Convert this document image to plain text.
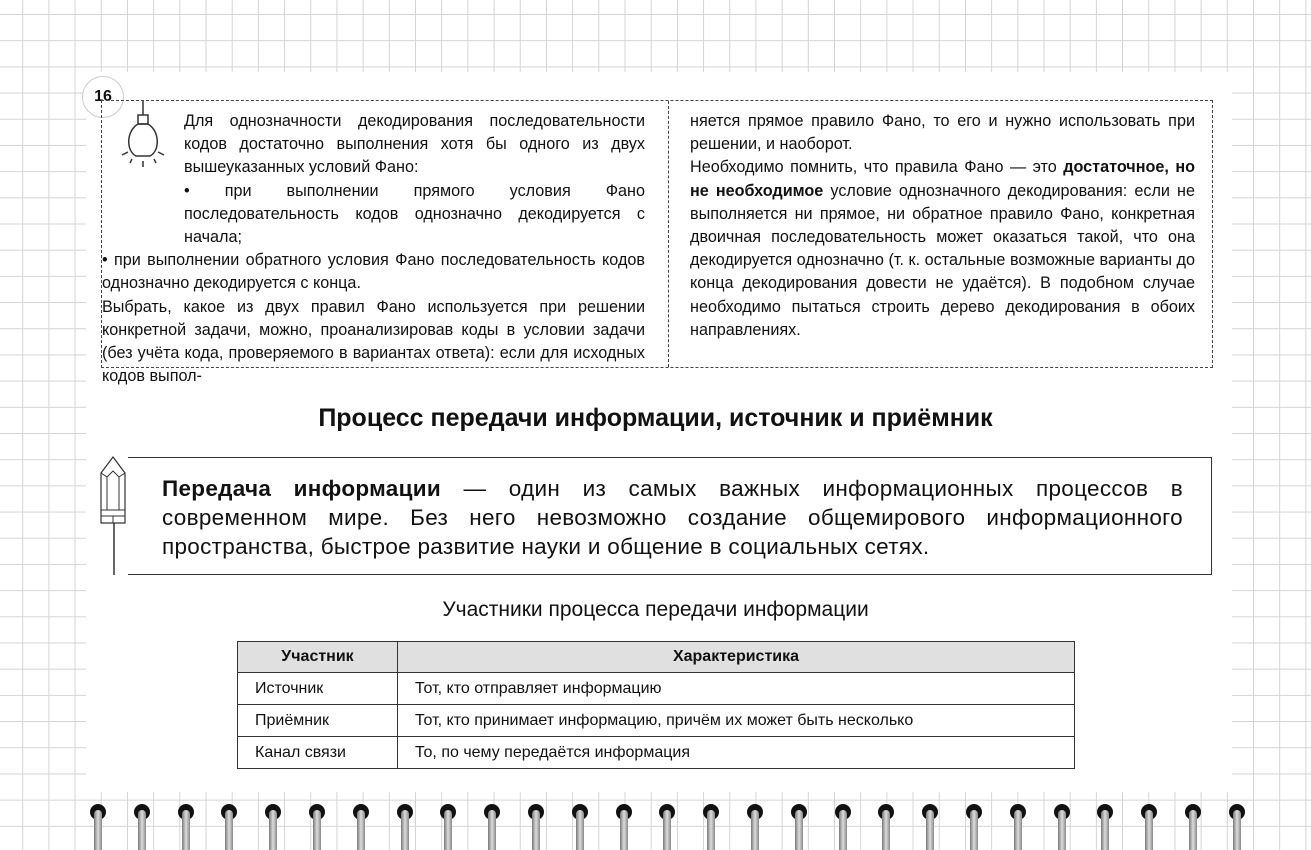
16

Для однозначности декодирования последовательности кодов достаточно выполнения хотя бы одного из двух вышеуказанных условий Фано:

• при выполнении прямого условия Фано последовательность кодов однозначно декодируется с начала;

• при выполнении обратного условия Фано последовательность кодов однозначно декодируется с конца.

Выбрать, какое из двух правил Фано используется при решении конкретной задачи, можно, проанализировав коды в условии задачи (без учёта кода, проверяемого в вариантах ответа): если для исходных кодов выпол-

няется прямое правило Фано, то его и нужно использовать при решении, и наоборот.

Необходимо помнить, что правила Фано — это достаточное, но не необходимое условие однозначного декодирования: если не выполняется ни прямое, ни обратное правило Фано, конкретная двоичная последовательность может оказаться такой, что она декодируется однозначно (т. к. остальные возможные варианты до конца декодирования довести не удаётся). В подобном случае необходимо пытаться строить дерево декодирования в обоих направлениях.

Процесс передачи информации, источник и приёмник
Передача информации — один из самых важных информационных процессов в современном мире. Без него невозможно создание общемирового информационного пространства, быстрое развитие науки и общение в социальных сетях.
Участники процесса передачи информации
Участник	Характеристика
Источник	Тот, кто отправляет информацию
Приёмник	Тот, кто принимает информацию, причём их может быть несколько
Канал связи	То, по чему передаётся информация
